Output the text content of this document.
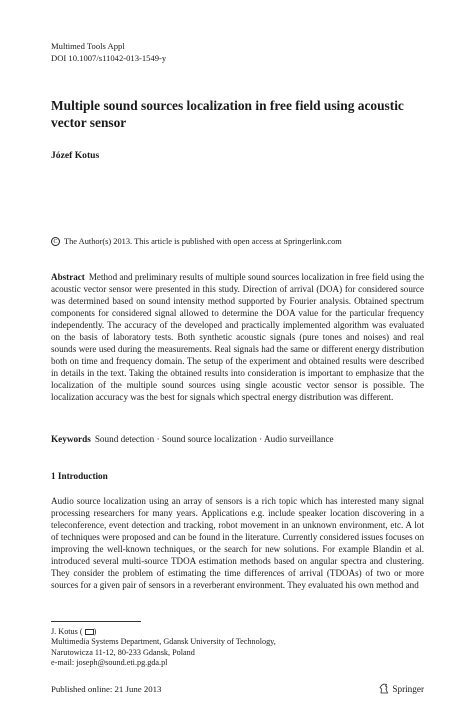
Multimed Tools Appl
DOI 10.1007/s11042-013-1549-y
Multiple sound sources localization in free field using acoustic vector sensor
Józef Kotus
C The Author(s) 2013. This article is published with open access at Springerlink.com
Abstract Method and preliminary results of multiple sound sources localization in free field using the acoustic vector sensor were presented in this study. Direction of arrival (DOA) for considered source was determined based on sound intensity method supported by Fourier analysis. Obtained spectrum components for considered signal allowed to determine the DOA value for the particular frequency independently. The accuracy of the developed and practically implemented algorithm was evaluated on the basis of laboratory tests. Both synthetic acoustic signals (pure tones and noises) and real sounds were used during the measurements. Real signals had the same or different energy distribution both on time and frequency domain. The setup of the experiment and obtained results were described in details in the text. Taking the obtained results into consideration is important to emphasize that the localization of the multiple sound sources using single acoustic vector sensor is possible. The localization accuracy was the best for signals which spectral energy distribution was different.
Keywords Sound detection · Sound source localization · Audio surveillance
1 Introduction
Audio source localization using an array of sensors is a rich topic which has interested many signal processing researchers for many years. Applications e.g. include speaker location discovering in a teleconference, event detection and tracking, robot movement in an unknown environment, etc. A lot of techniques were proposed and can be found in the literature. Currently considered issues focuses on improving the well-known techniques, or the search for new solutions. For example Blandin et al. introduced several multi-source TDOA estimation methods based on angular spectra and clustering. They consider the problem of estimating the time differences of arrival (TDOAs) of two or more sources for a given pair of sensors in a reverberant environment. They evaluated his own method and
J. Kotus ( )
Multimedia Systems Department, Gdansk University of Technology,
Narutowicza 11-12, 80-233 Gdansk, Poland
e-mail: joseph@sound.eti.pg.gda.pl
Published online: 21 June 2013	Springer
